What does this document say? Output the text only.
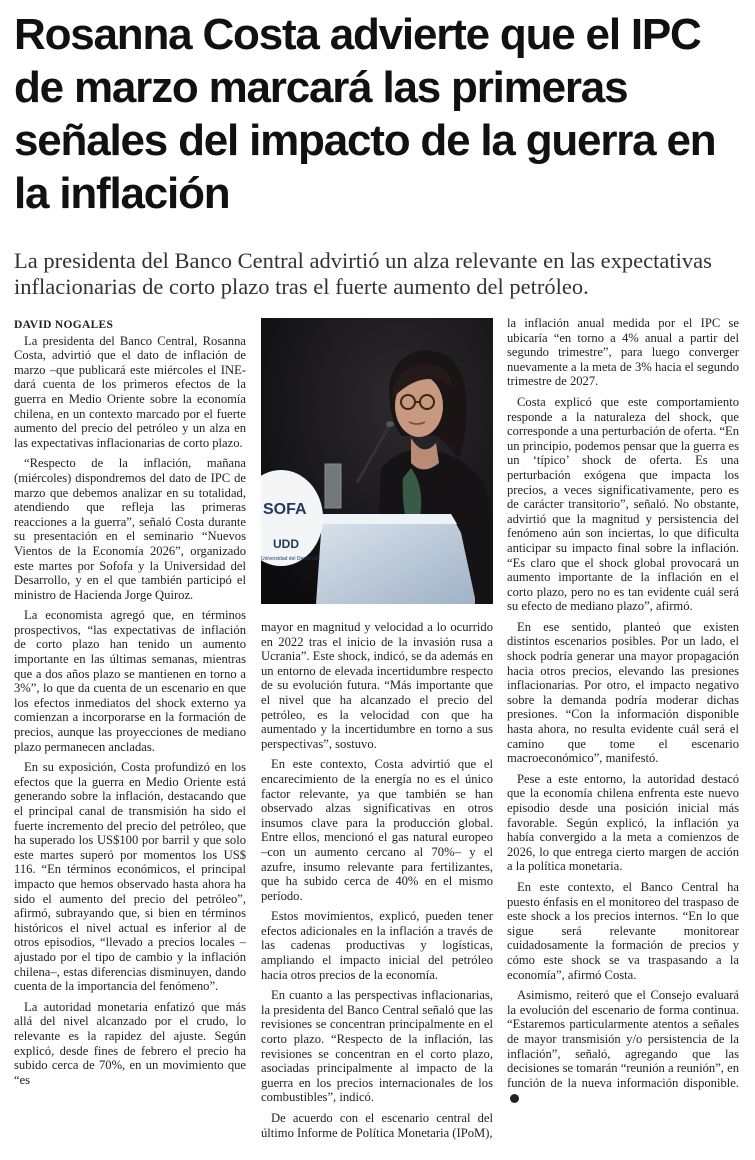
Rosanna Costa advierte que el IPC de marzo marcará las primeras señales del impacto de la guerra en la inflación
La presidenta del Banco Central advirtió un alza relevante en las expectativas inflacionarias de corto plazo tras el fuerte aumento del petróleo.
DAVID NOGALES

La presidenta del Banco Central, Rosanna Costa, advirtió que el dato de inflación de marzo –que publicará este miércoles el INE- dará cuenta de los primeros efectos de la guerra en Medio Oriente sobre la economía chilena, en un contexto marcado por el fuerte aumento del precio del petróleo y un alza en las expectativas inflacionarias de corto plazo.

“Respecto de la inflación, mañana (miércoles) dispondremos del dato de IPC de marzo que debemos analizar en su totalidad, atendiendo que refleja las primeras reacciones a la guerra”, señaló Costa durante su presentación en el seminario “Nuevos Vientos de la Economía 2026”, organizado este martes por Sofofa y la Universidad del Desarrollo, y en el que también participó el ministro de Hacienda Jorge Quiroz.

La economista agregó que, en términos prospectivos, “las expectativas de inflación de corto plazo han tenido un aumento importante en las últimas semanas, mientras que a dos años plazo se mantienen en torno a 3%”, lo que da cuenta de un escenario en que los efectos inmediatos del shock externo ya comienzan a incorporarse en la formación de precios, aunque las proyecciones de mediano plazo permanecen ancladas.

En su exposición, Costa profundizó en los efectos que la guerra en Medio Oriente está generando sobre la inflación, destacando que el principal canal de transmisión ha sido el fuerte incremento del precio del petróleo, que ha superado los US$100 por barril y que solo este martes superó por momentos los US$ 116. “En términos económicos, el principal impacto que hemos observado hasta ahora ha sido el aumento del precio del petróleo”, afirmó, subrayando que, si bien en términos históricos el nivel actual es inferior al de otros episodios, “llevado a precios locales –ajustado por el tipo de cambio y la inflación chilena–, estas diferencias disminuyen, dando cuenta de la importancia del fenómeno”.

La autoridad monetaria enfatizó que más allá del nivel alcanzado por el crudo, lo relevante es la rapidez del ajuste. Según explicó, desde fines de febrero el precio ha subido cerca de 70%, en un movimiento que “es

SOFA
UDD
Universidad del Desarrollo

mayor en magnitud y velocidad a lo ocurrido en 2022 tras el inicio de la invasión rusa a Ucrania”. Este shock, indicó, se da además en un entorno de elevada incertidumbre respecto de su evolución futura. “Más importante que el nivel que ha alcanzado el precio del petróleo, es la velocidad con que ha aumentado y la incertidumbre en torno a sus perspectivas”, sostuvo.

En este contexto, Costa advirtió que el encarecimiento de la energía no es el único factor relevante, ya que también se han observado alzas significativas en otros insumos clave para la producción global. Entre ellos, mencionó el gas natural europeo –con un aumento cercano al 70%– y el azufre, insumo relevante para fertilizantes, que ha subido cerca de 40% en el mismo período.

Estos movimientos, explicó, pueden tener efectos adicionales en la inflación a través de las cadenas productivas y logísticas, ampliando el impacto inicial del petróleo hacia otros precios de la economía.

En cuanto a las perspectivas inflacionarias, la presidenta del Banco Central señaló que las revisiones se concentran principalmente en el corto plazo. “Respecto de la inflación, las revisiones se concentran en el corto plazo, asociadas principalmente al impacto de la guerra en los precios internacionales de los combustibles”, indicó.

De acuerdo con el escenario central del último Informe de Política Monetaria (IPoM),

la inflación anual medida por el IPC se ubicaría “en torno a 4% anual a partir del segundo trimestre”, para luego converger nuevamente a la meta de 3% hacia el segundo trimestre de 2027.

Costa explicó que este comportamiento responde a la naturaleza del shock, que corresponde a una perturbación de oferta. “En un principio, podemos pensar que la guerra es un ‘típico’ shock de oferta. Es una perturbación exógena que impacta los precios, a veces significativamente, pero es de carácter transitorio”, señaló. No obstante, advirtió que la magnitud y persistencia del fenómeno aún son inciertas, lo que dificulta anticipar su impacto final sobre la inflación. “Es claro que el shock global provocará un aumento importante de la inflación en el corto plazo, pero no es tan evidente cuál será su efecto de mediano plazo”, afirmó.

En ese sentido, planteó que existen distintos escenarios posibles. Por un lado, el shock podría generar una mayor propagación hacia otros precios, elevando las presiones inflacionarias. Por otro, el impacto negativo sobre la demanda podría moderar dichas presiones. “Con la información disponible hasta ahora, no resulta evidente cuál será el camino que tome el escenario macroeconómico”, manifestó.

Pese a este entorno, la autoridad destacó que la economía chilena enfrenta este nuevo episodio desde una posición inicial más favorable. Según explicó, la inflación ya había convergido a la meta a comienzos de 2026, lo que entrega cierto margen de acción a la política monetaria.

En este contexto, el Banco Central ha puesto énfasis en el monitoreo del traspaso de este shock a los precios internos. “En lo que sigue será relevante monitorear cuidadosamente la formación de precios y cómo este shock se va traspasando a la economía”, afirmó Costa.

Asimismo, reiteró que el Consejo evaluará la evolución del escenario de forma continua. “Estaremos particularmente atentos a señales de mayor transmisión y/o persistencia de la inflación”, señaló, agregando que las decisiones se tomarán “reunión a reunión”, en función de la nueva información disponible.
